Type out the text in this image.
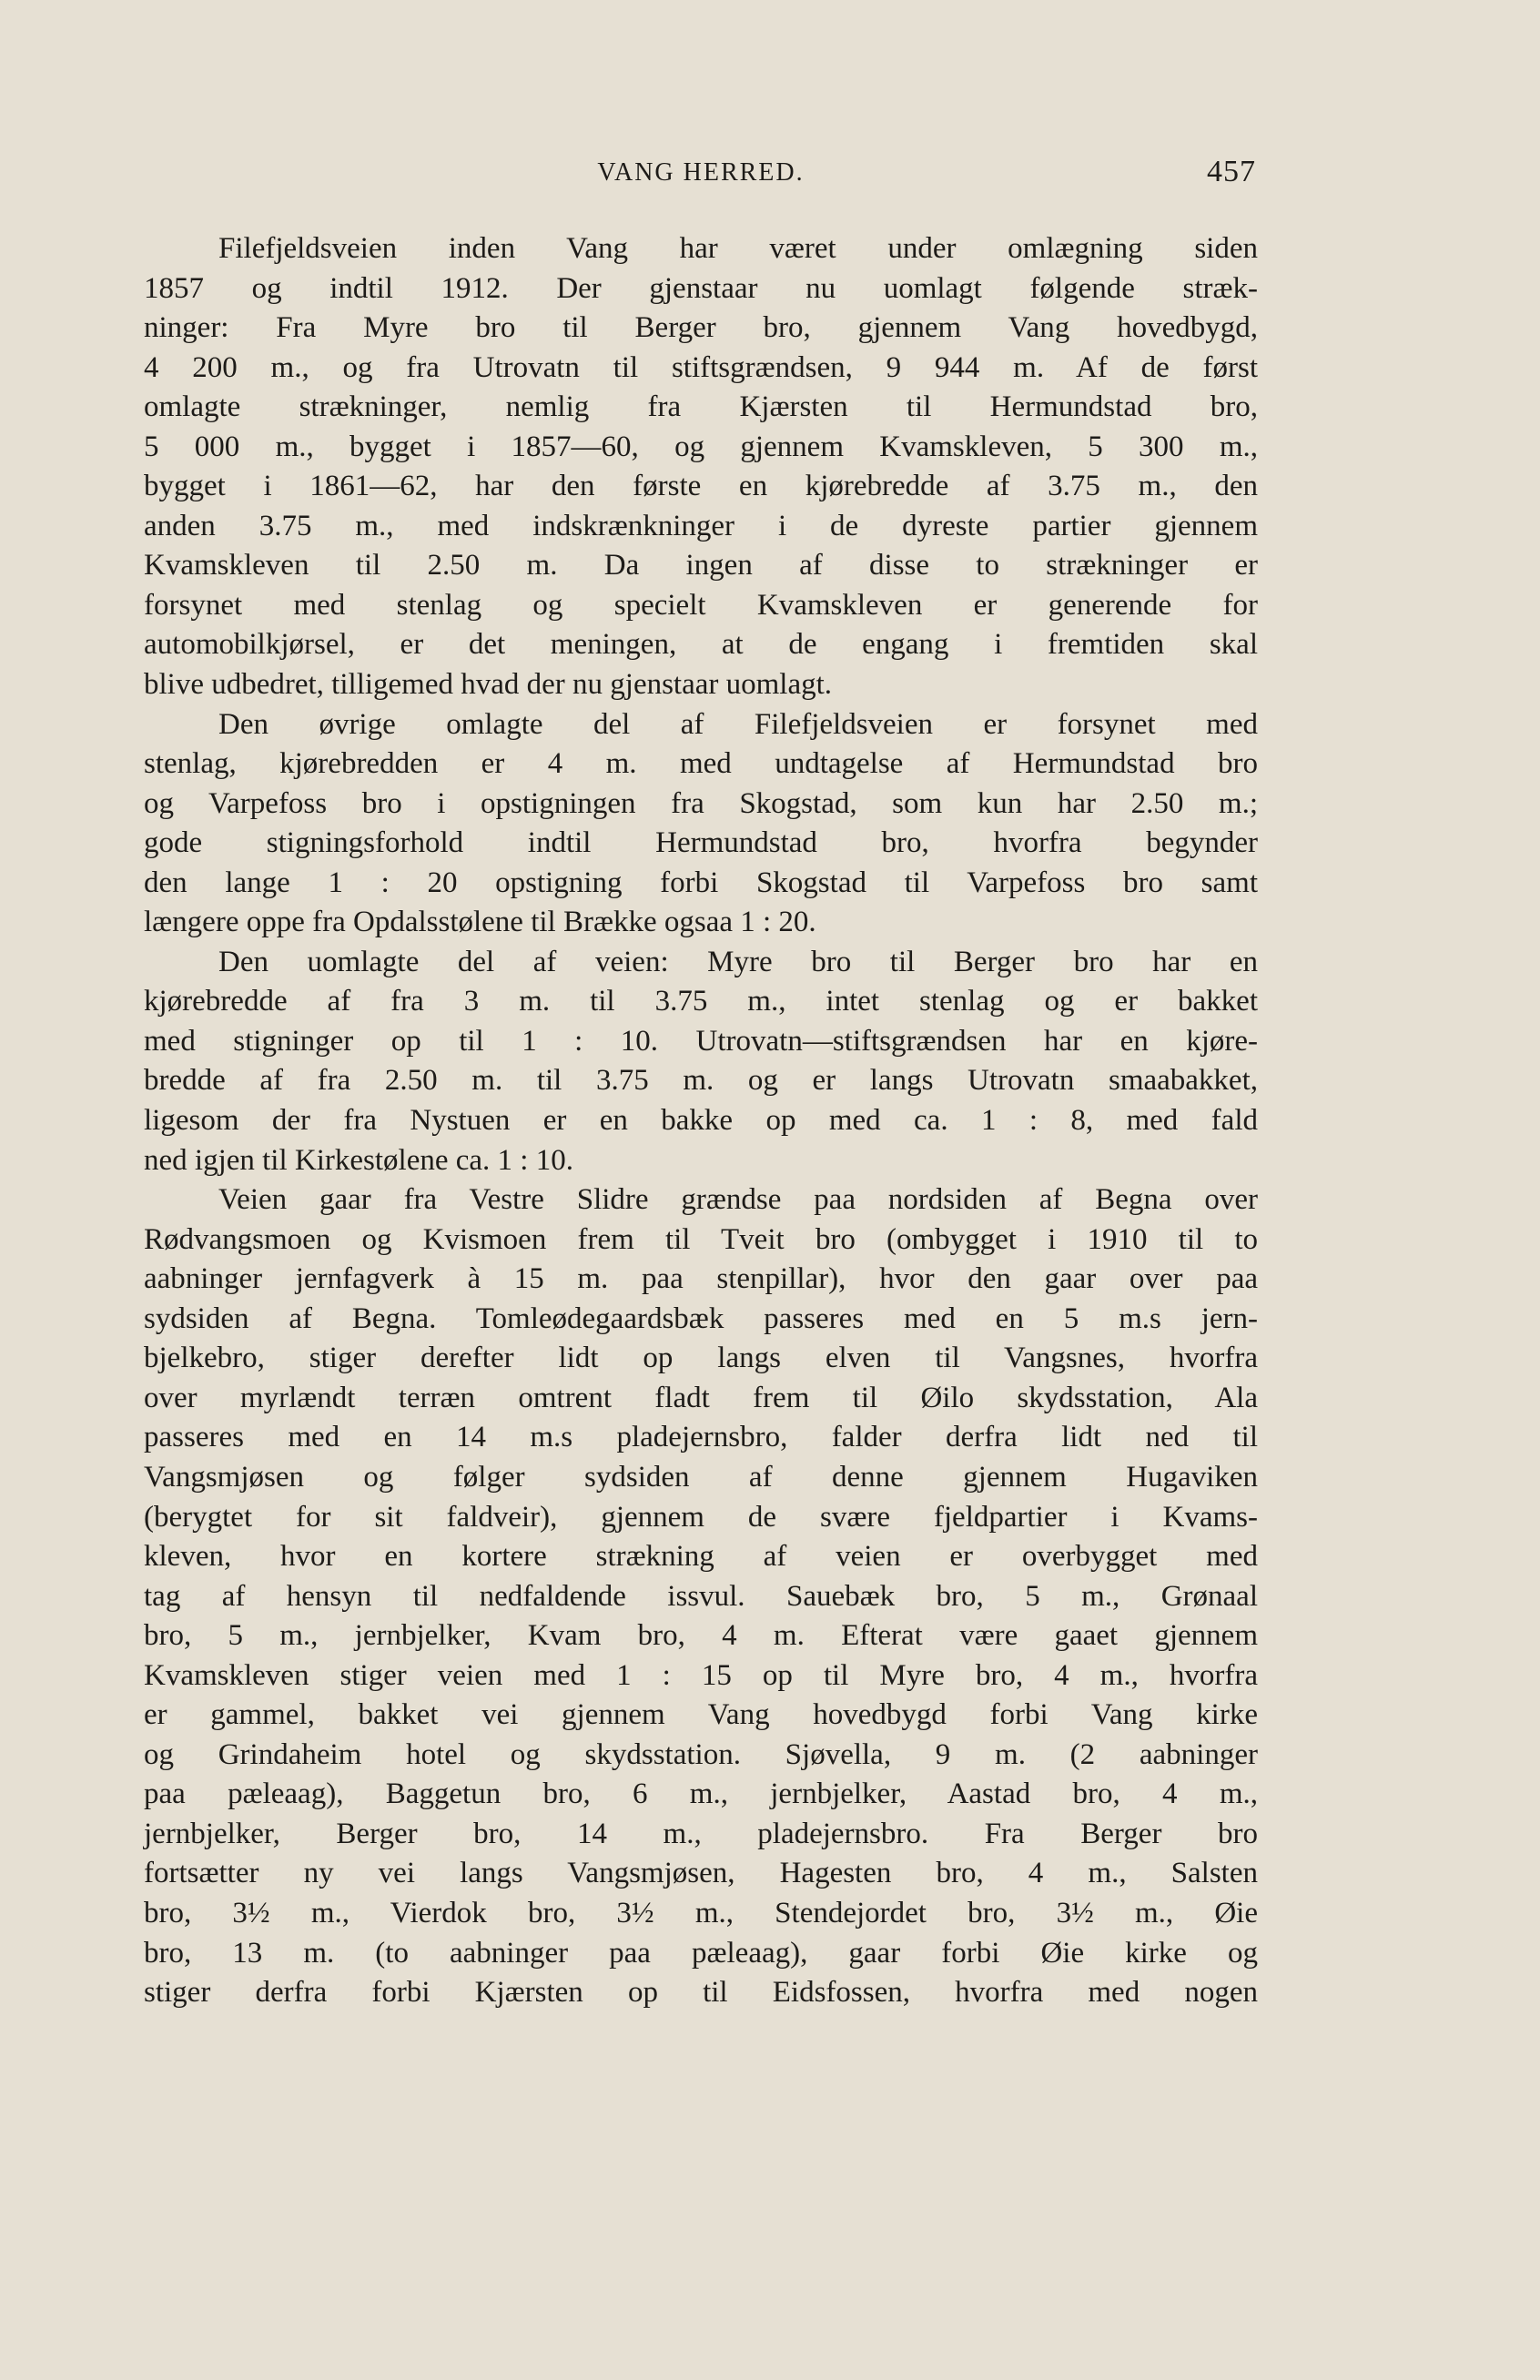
VANG HERRED.	457
Filefjeldsveien inden Vang har været under omlægning siden
1857 og indtil 1912. Der gjenstaar nu uomlagt følgende stræk-
ninger: Fra Myre bro til Berger bro, gjennem Vang hovedbygd,
4 200 m., og fra Utrovatn til stiftsgrændsen, 9 944 m. Af de først
omlagte strækninger, nemlig fra Kjærsten til Hermundstad bro,
5 000 m., bygget i 1857—60, og gjennem Kvamskleven, 5 300 m.,
bygget i 1861—62, har den første en kjørebredde af 3.75 m., den
anden 3.75 m., med indskrænkninger i de dyreste partier gjennem
Kvamskleven til 2.50 m. Da ingen af disse to strækninger er
forsynet med stenlag og specielt Kvamskleven er generende for
automobilkjørsel, er det meningen, at de engang i fremtiden skal
blive udbedret, tilligemed hvad der nu gjenstaar uomlagt.
Den øvrige omlagte del af Filefjeldsveien er forsynet med
stenlag, kjørebredden er 4 m. med undtagelse af Hermundstad bro
og Varpefoss bro i opstigningen fra Skogstad, som kun har 2.50 m.;
gode stigningsforhold indtil Hermundstad bro, hvorfra begynder
den lange 1 : 20 opstigning forbi Skogstad til Varpefoss bro samt
længere oppe fra Opdalsstølene til Brække ogsaa 1 : 20.
Den uomlagte del af veien: Myre bro til Berger bro har en
kjørebredde af fra 3 m. til 3.75 m., intet stenlag og er bakket
med stigninger op til 1 : 10. Utrovatn—stiftsgrændsen har en kjøre-
bredde af fra 2.50 m. til 3.75 m. og er langs Utrovatn smaabakket,
ligesom der fra Nystuen er en bakke op med ca. 1 : 8, med fald
ned igjen til Kirkestølene ca. 1 : 10.
Veien gaar fra Vestre Slidre grændse paa nordsiden af Begna over
Rødvangsmoen og Kvismoen frem til Tveit bro (ombygget i 1910 til to
aabninger jernfagverk à 15 m. paa stenpillar), hvor den gaar over paa
sydsiden af Begna. Tomleødegaardsbæk passeres med en 5 m.s jern-
bjelkebro, stiger derefter lidt op langs elven til Vangsnes, hvorfra
over myrlændt terræn omtrent fladt frem til Øilo skydsstation, Ala
passeres med en 14 m.s pladejernsbro, falder derfra lidt ned til
Vangsmjøsen og følger sydsiden af denne gjennem Hugaviken
(berygtet for sit faldveir), gjennem de svære fjeldpartier i Kvams-
kleven, hvor en kortere strækning af veien er overbygget med
tag af hensyn til nedfaldende issvul. Sauebæk bro, 5 m., Grønaal
bro, 5 m., jernbjelker, Kvam bro, 4 m. Efterat være gaaet gjennem
Kvamskleven stiger veien med 1 : 15 op til Myre bro, 4 m., hvorfra
er gammel, bakket vei gjennem Vang hovedbygd forbi Vang kirke
og Grindaheim hotel og skydsstation. Sjøvella, 9 m. (2 aabninger
paa pæleaag), Baggetun bro, 6 m., jernbjelker, Aastad bro, 4 m.,
jernbjelker, Berger bro, 14 m., pladejernsbro. Fra Berger bro
fortsætter ny vei langs Vangsmjøsen, Hagesten bro, 4 m., Salsten
bro, 3½ m., Vierdok bro, 3½ m., Stendejordet bro, 3½ m., Øie
bro, 13 m. (to aabninger paa pæleaag), gaar forbi Øie kirke og
stiger derfra forbi Kjærsten op til Eidsfossen, hvorfra med nogen
